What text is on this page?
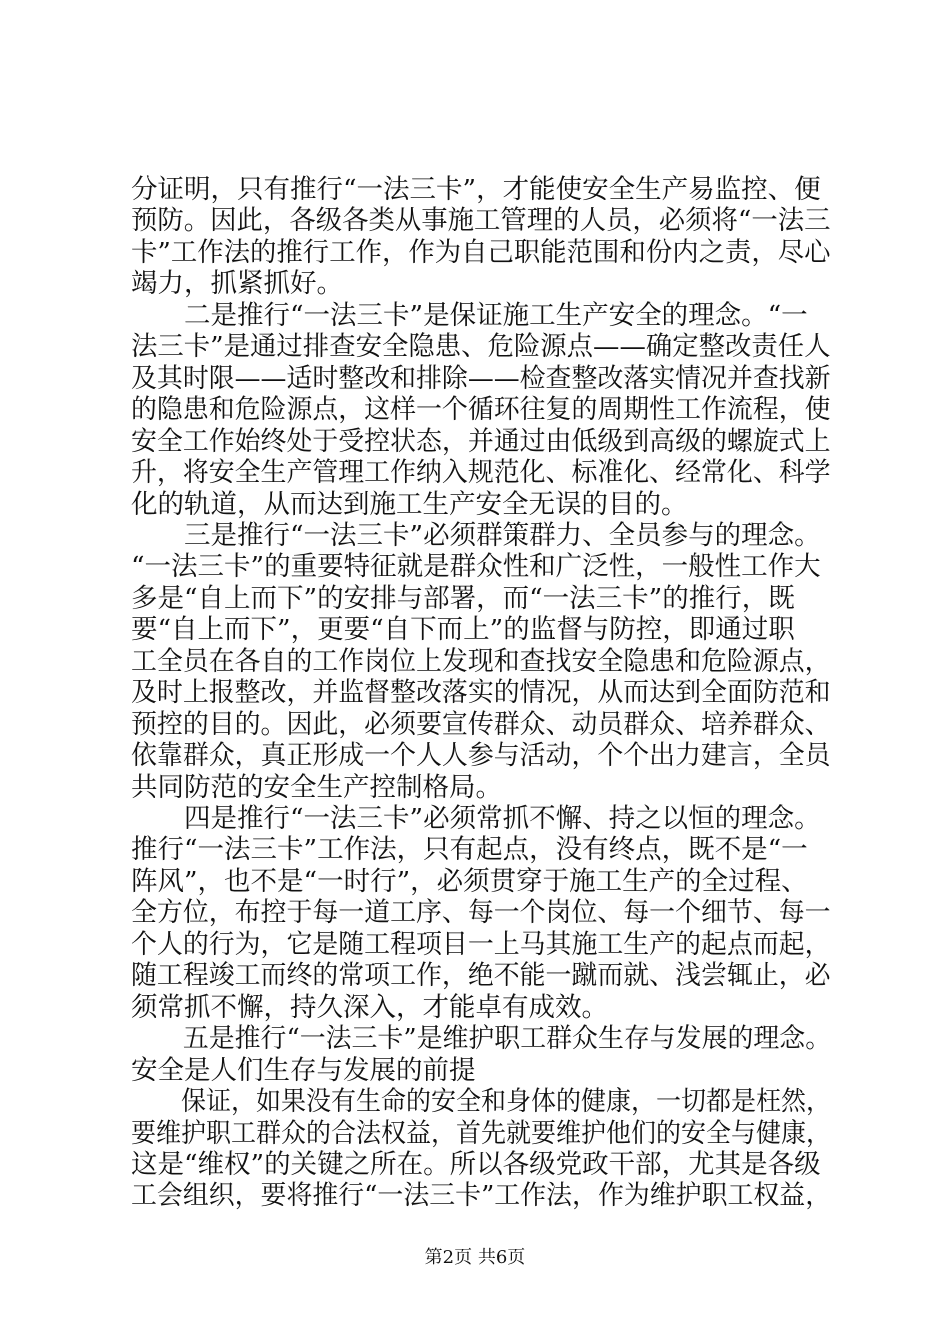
分证明，只有推行“一法三卡”，才能使安全生产易监控、便
预防。因此，各级各类从事施工管理的人员，必须将“一法三
卡”工作法的推行工作，作为自己职能范围和份内之责，尽心
竭力，抓紧抓好。
　　二是推行“一法三卡”是保证施工生产安全的理念。“一
法三卡”是通过排查安全隐患、危险源点——确定整改责任人
及其时限——适时整改和排除——检查整改落实情况并查找新
的隐患和危险源点，这样一个循环往复的周期性工作流程，使
安全工作始终处于受控状态，并通过由低级到高级的螺旋式上
升，将安全生产管理工作纳入规范化、标准化、经常化、科学
化的轨道，从而达到施工生产安全无误的目的。
　　三是推行“一法三卡”必须群策群力、全员参与的理念。
“一法三卡”的重要特征就是群众性和广泛性，一般性工作大
多是“自上而下”的安排与部署，而“一法三卡”的推行，既
要“自上而下”，更要“自下而上”的监督与防控，即通过职
工全员在各自的工作岗位上发现和查找安全隐患和危险源点，
及时上报整改，并监督整改落实的情况，从而达到全面防范和
预控的目的。因此，必须要宣传群众、动员群众、培养群众、
依靠群众，真正形成一个人人参与活动，个个出力建言，全员
共同防范的安全生产控制格局。
　　四是推行“一法三卡”必须常抓不懈、持之以恒的理念。
推行“一法三卡”工作法，只有起点，没有终点，既不是“一
阵风”，也不是“一时行”，必须贯穿于施工生产的全过程、
全方位，布控于每一道工序、每一个岗位、每一个细节、每一
个人的行为，它是随工程项目一上马其施工生产的起点而起，
随工程竣工而终的常项工作，绝不能一蹴而就、浅尝辄止，必
须常抓不懈，持久深入，才能卓有成效。
　　五是推行“一法三卡”是维护职工群众生存与发展的理念。
安全是人们生存与发展的前提
　　保证，如果没有生命的安全和身体的健康，一切都是枉然，
要维护职工群众的合法权益，首先就要维护他们的安全与健康，
这是“维权”的关键之所在。所以各级党政干部，尤其是各级
工会组织，要将推行“一法三卡”工作法，作为维护职工权益，
第2页 共6页
